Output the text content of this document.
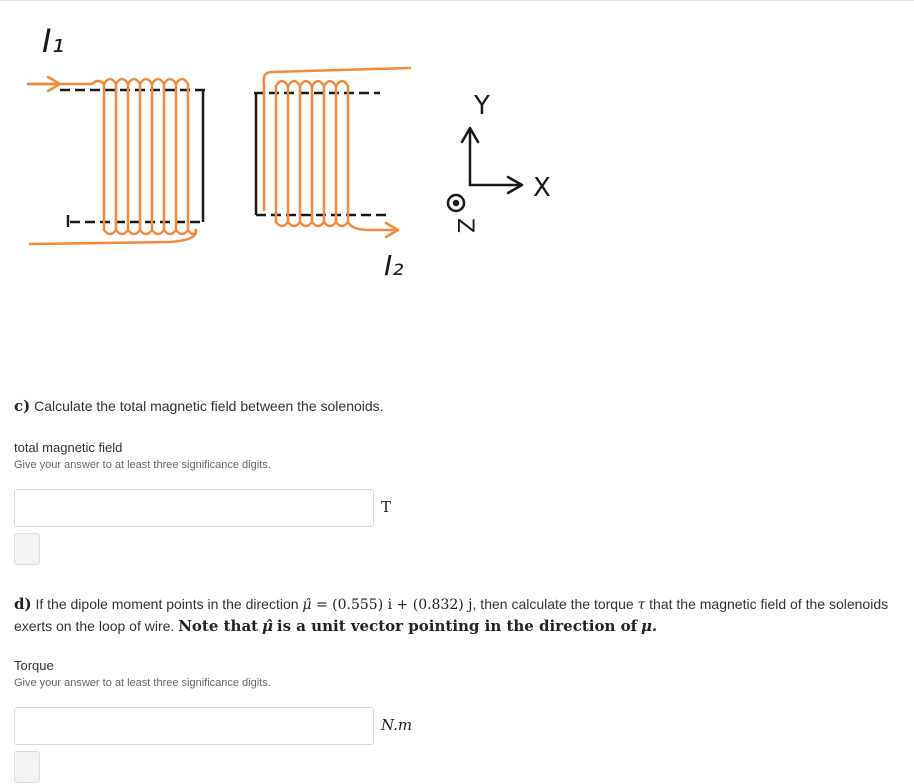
I₁
I₂
Y
X
Z
c) Calculate the total magnetic field between the solenoids.
total magnetic field
Give your answer to at least three significance digits.
T
d) If the dipole moment points in the direction μ̂ = (0.555) i + (0.832) j, then calculate the torque τ that the magnetic field of the solenoids exerts on the loop of wire. Note that μ̂ is a unit vector pointing in the direction of μ.
Torque
Give your answer to at least three significance digits.
N.m
